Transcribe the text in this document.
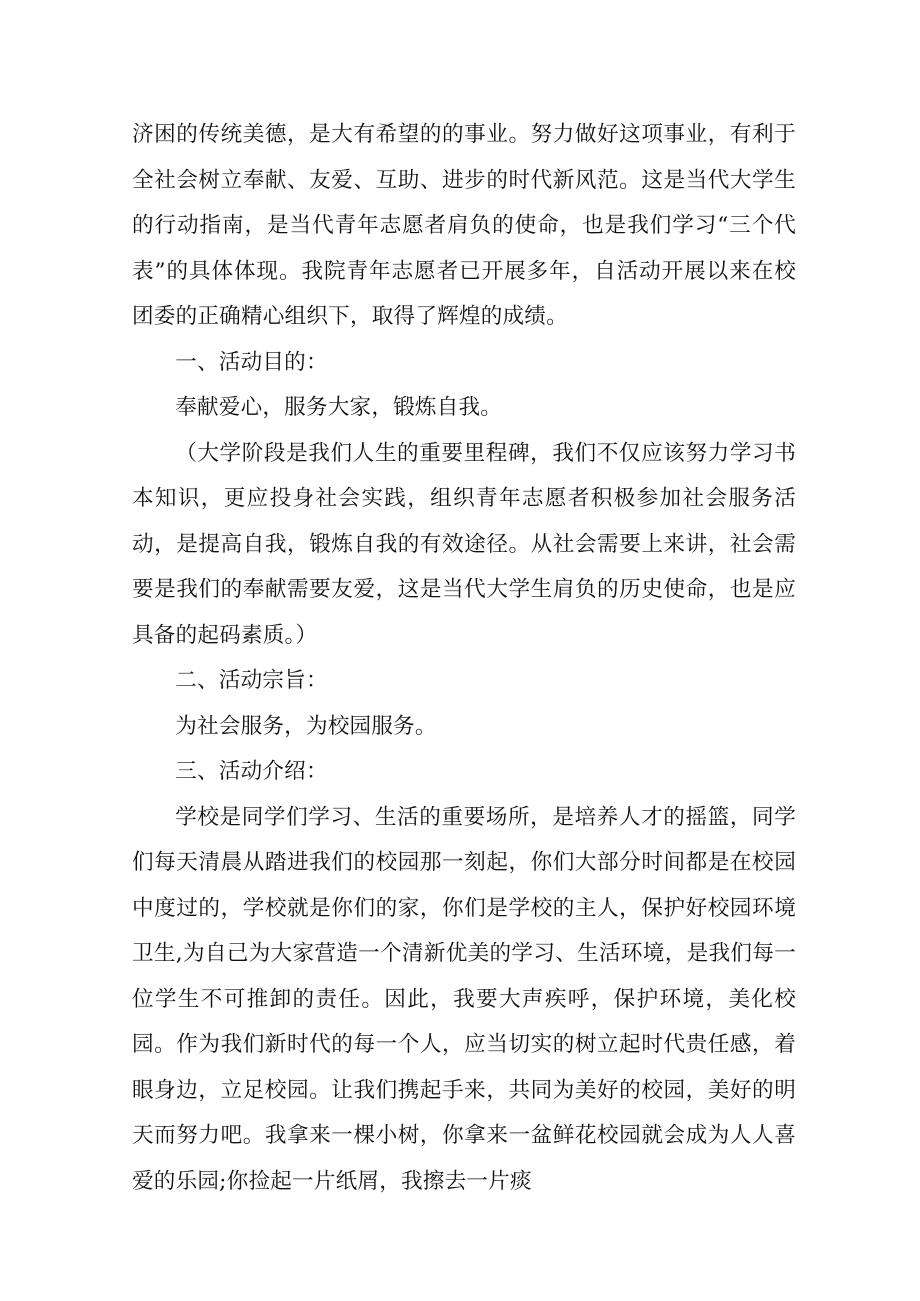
济困的传统美德，是大有希望的的事业。努力做好这项事业，有利于全社会树立奉献、友爱、互助、进步的时代新风范。这是当代大学生的行动指南，是当代青年志愿者肩负的使命，也是我们学习“三个代表”的具体体现。我院青年志愿者已开展多年，自活动开展以来在校团委的正确精心组织下，取得了辉煌的成绩。

一、活动目的：

奉献爱心，服务大家，锻炼自我。

（大学阶段是我们人生的重要里程碑，我们不仅应该努力学习书本知识，更应投身社会实践，组织青年志愿者积极参加社会服务活动，是提高自我，锻炼自我的有效途径。从社会需要上来讲，社会需要是我们的奉献需要友爱，这是当代大学生肩负的历史使命，也是应具备的起码素质。）

二、活动宗旨：

为社会服务，为校园服务。

三、活动介绍：

学校是同学们学习、生活的重要场所，是培养人才的摇篮，同学们每天清晨从踏进我们的校园那一刻起，你们大部分时间都是在校园中度过的，学校就是你们的家，你们是学校的主人，保护好校园环境卫生,为自己为大家营造一个清新优美的学习、生活环境，是我们每一位学生不可推卸的责任。因此，我要大声疾呼，保护环境，美化校园。作为我们新时代的每一个人，应当切实的树立起时代贵任感，着眼身边，立足校园。让我们携起手来，共同为美好的校园，美好的明天而努力吧。我拿来一棵小树，你拿来一盆鲜花校园就会成为人人喜爱的乐园;你捡起一片纸屑，我擦去一片痰
